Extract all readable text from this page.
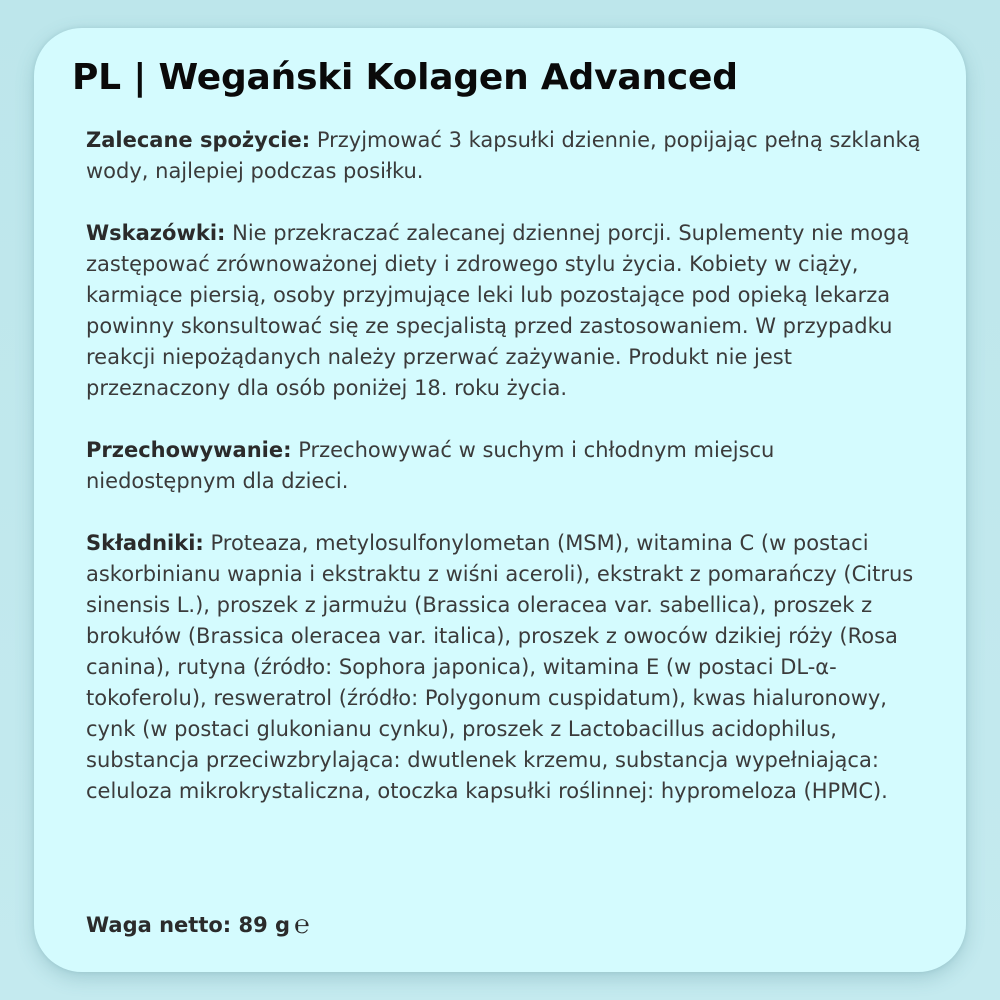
PL | Wegański Kolagen Advanced

Zalecane spożycie: Przyjmować 3 kapsułki dziennie, popijając pełną szklanką wody, najlepiej podczas posiłku.

Wskazówki: Nie przekraczać zalecanej dziennej porcji. Suplementy nie mogą zastępować zrównoważonej diety i zdrowego stylu życia. Kobiety w ciąży, karmiące piersią, osoby przyjmujące leki lub pozostające pod opieką lekarza powinny skonsultować się ze specjalistą przed zastosowaniem. W przypadku reakcji niepożądanych należy przerwać zażywanie. Produkt nie jest przeznaczony dla osób poniżej 18. roku życia.

Przechowywanie: Przechowywać w suchym i chłodnym miejscu niedostępnym dla dzieci.

Składniki: Proteaza, metylosulfonylometan (MSM), witamina C (w postaci askorbinianu wapnia i ekstraktu z wiśni aceroli), ekstrakt z pomarańczy (Citrus sinensis L.), proszek z jarmużu (Brassica oleracea var. sabellica), proszek z brokułów (Brassica oleracea var. italica), proszek z owoców dzikiej róży (Rosa canina), rutyna (źródło: Sophora japonica), witamina E (w postaci DL-α-tokoferolu), resweratrol (źródło: Polygonum cuspidatum), kwas hialuronowy, cynk (w postaci glukonianu cynku), proszek z Lactobacillus acidophilus, substancja przeciwzbrylająca: dwutlenek krzemu, substancja wypełniająca: celuloza mikrokrystaliczna, otoczka kapsułki roślinnej: hypromeloza (HPMC).

Waga netto: 89 g ℮
